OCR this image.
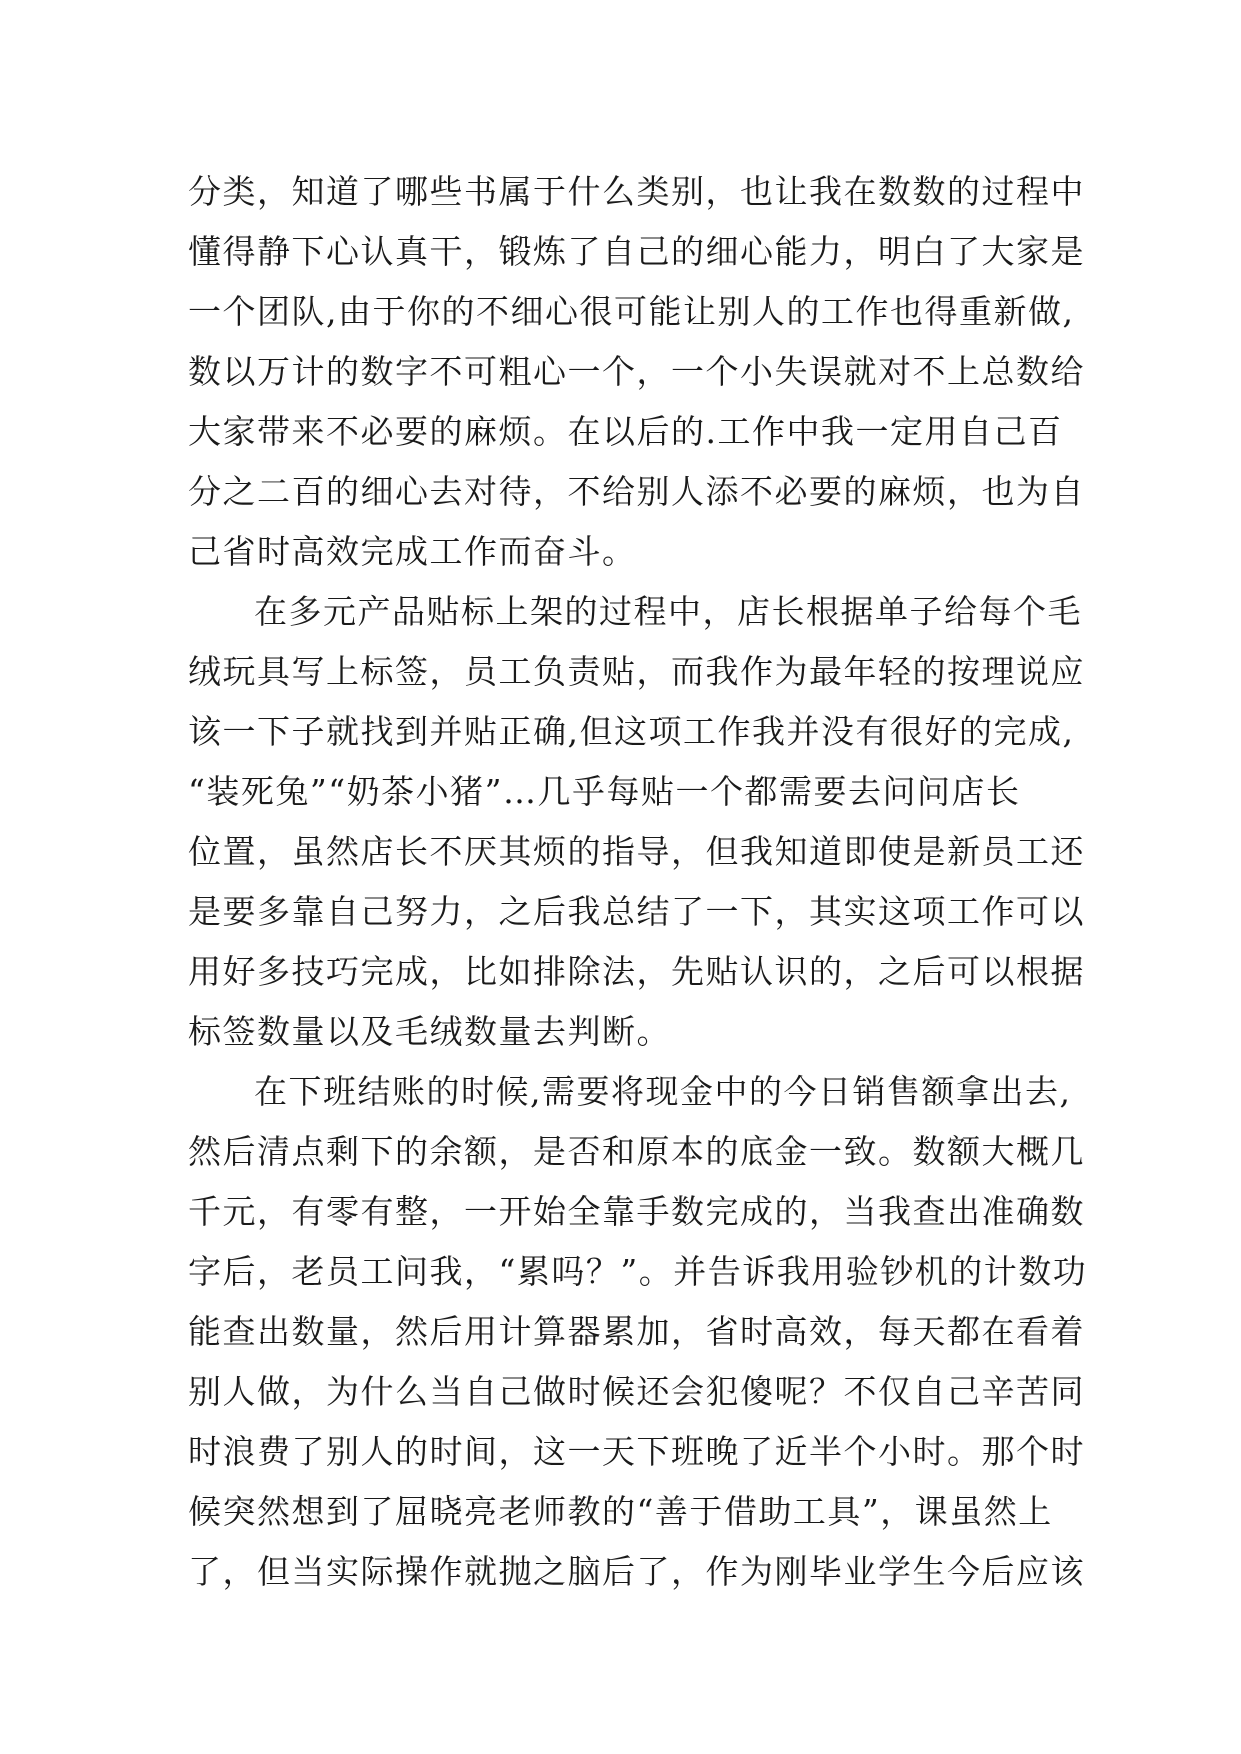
分类，知道了哪些书属于什么类别，也让我在数数的过程中
懂得静下心认真干，锻炼了自己的细心能力，明白了大家是
一个团队,由于你的不细心很可能让别人的工作也得重新做,
数以万计的数字不可粗心一个，一个小失误就对不上总数给
大家带来不必要的麻烦。在以后的.工作中我一定用自己百
分之二百的细心去对待，不给别人添不必要的麻烦，也为自
己省时高效完成工作而奋斗。
在多元产品贴标上架的过程中，店长根据单子给每个毛
绒玩具写上标签，员工负责贴，而我作为最年轻的按理说应
该一下子就找到并贴正确,但这项工作我并没有很好的完成,
“装死兔”“奶茶小猪”…几乎每贴一个都需要去问问店长
位置，虽然店长不厌其烦的指导，但我知道即使是新员工还
是要多靠自己努力，之后我总结了一下，其实这项工作可以
用好多技巧完成，比如排除法，先贴认识的，之后可以根据
标签数量以及毛绒数量去判断。
在下班结账的时候,需要将现金中的今日销售额拿出去,
然后清点剩下的余额，是否和原本的底金一致。数额大概几
千元，有零有整，一开始全靠手数完成的，当我查出准确数
字后，老员工问我，“累吗？”。并告诉我用验钞机的计数功
能查出数量，然后用计算器累加，省时高效，每天都在看着
别人做，为什么当自己做时候还会犯傻呢？不仅自己辛苦同
时浪费了别人的时间，这一天下班晚了近半个小时。那个时
候突然想到了屈晓亮老师教的“善于借助工具”，课虽然上
了，但当实际操作就抛之脑后了，作为刚毕业学生今后应该
